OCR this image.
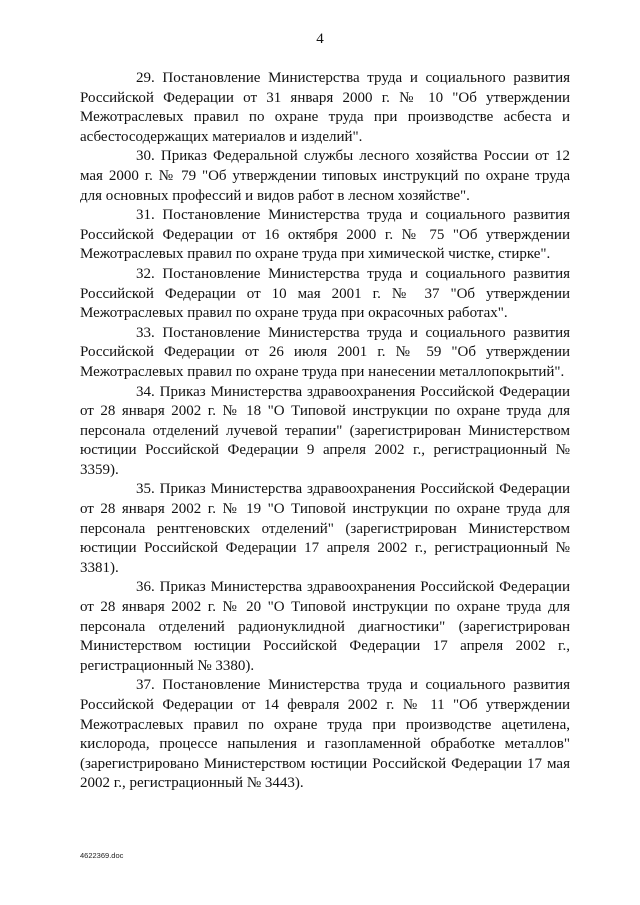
4

29. Постановление Министерства труда и социального развития Российской Федерации от 31 января 2000 г. № 10 "Об утверждении Межотраслевых правил по охране труда при производстве асбеста и асбестосодержащих материалов и изделий".

30. Приказ Федеральной службы лесного хозяйства России от 12 мая 2000 г. № 79 "Об утверждении типовых инструкций по охране труда для основных профессий и видов работ в лесном хозяйстве".

31. Постановление Министерства труда и социального развития Российской Федерации от 16 октября 2000 г. № 75 "Об утверждении Межотраслевых правил по охране труда при химической чистке, стирке".

32. Постановление Министерства труда и социального развития Российской Федерации от 10 мая 2001 г. № 37 "Об утверждении Межотраслевых правил по охране труда при окрасочных работах".

33. Постановление Министерства труда и социального развития Российской Федерации от 26 июля 2001 г. № 59 "Об утверждении Межотраслевых правил по охране труда при нанесении металлопокрытий".

34. Приказ Министерства здравоохранения Российской Федерации от 28 января 2002 г. № 18 "О Типовой инструкции по охране труда для персонала отделений лучевой терапии" (зарегистрирован Министерством юстиции Российской Федерации 9 апреля 2002 г., регистрационный № 3359).

35. Приказ Министерства здравоохранения Российской Федерации от 28 января 2002 г. № 19 "О Типовой инструкции по охране труда для персонала рентгеновских отделений" (зарегистрирован Министерством юстиции Российской Федерации 17 апреля 2002 г., регистрационный № 3381).

36. Приказ Министерства здравоохранения Российской Федерации от 28 января 2002 г. № 20 "О Типовой инструкции по охране труда для персонала отделений радионуклидной диагностики" (зарегистрирован Министерством юстиции Российской Федерации 17 апреля 2002 г., регистрационный № 3380).

37. Постановление Министерства труда и социального развития Российской Федерации от 14 февраля 2002 г. № 11 "Об утверждении Межотраслевых правил по охране труда при производстве ацетилена, кислорода, процессе напыления и газопламенной обработке металлов" (зарегистрировано Министерством юстиции Российской Федерации 17 мая 2002 г., регистрационный № 3443).

4622369.doc
